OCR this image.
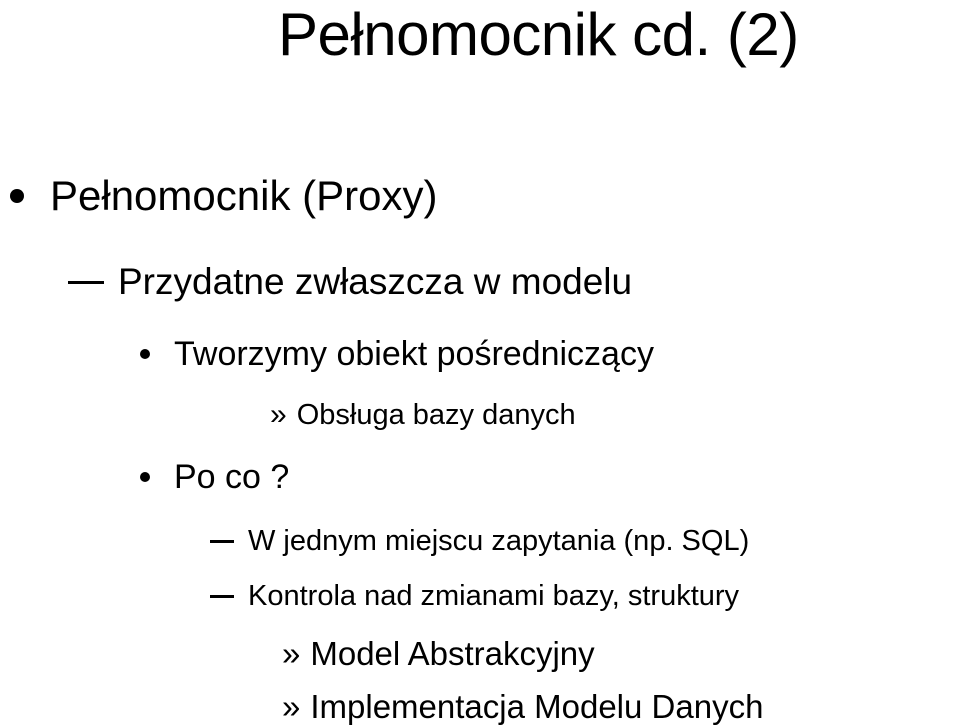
Pełnomocnik cd. (2)
Pełnomocnik (Proxy)
Przydatne zwłaszcza w modelu
Tworzymy obiekt pośredniczący
» Obsługa bazy danych
Po co ?
W jednym miejscu zapytania (np. SQL)
Kontrola nad zmianami bazy, struktury
» Model Abstrakcyjny
» Implementacja Modelu Danych
